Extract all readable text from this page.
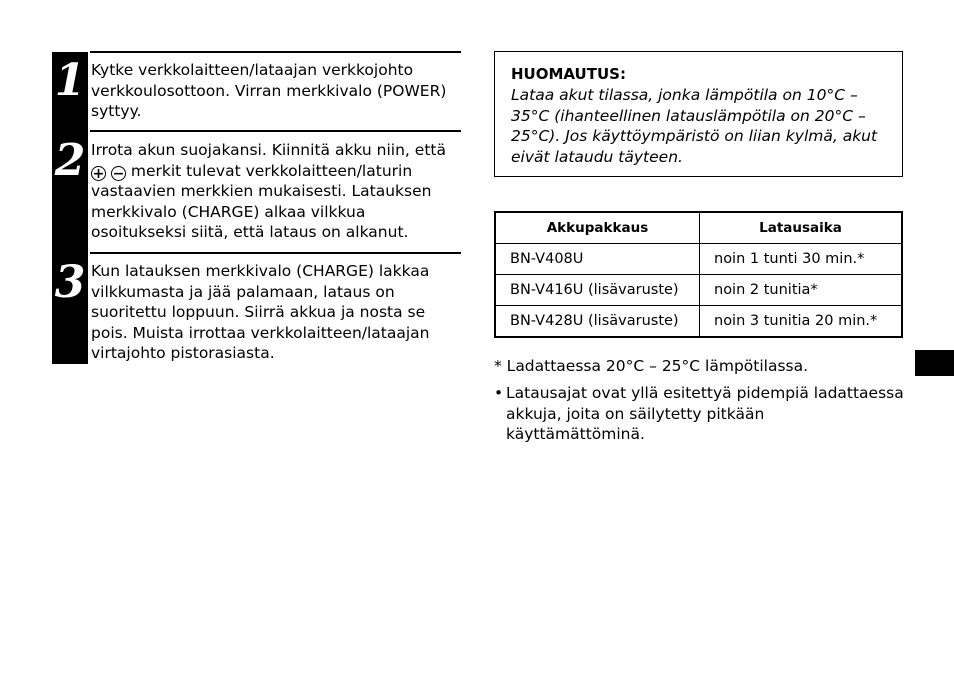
1
2
3
Kytke verkkolaitteen/lataajan verkkojohto verkkoulosottoon. Virran merkkivalo (POWER) syttyy.
Irrota akun suojakansi. Kiinnitä akku niin, että
+ − merkit tulevat verkkolaitteen/laturin vastaavien merkkien mukaisesti. Latauksen merkkivalo (CHARGE) alkaa vilkkua osoitukseksi siitä, että lataus on alkanut.
Kun latauksen merkkivalo (CHARGE) lakkaa vilkkumasta ja jää palamaan, lataus on suoritettu loppuun. Siirrä akkua ja nosta se pois. Muista irrottaa verkkolaitteen/lataajan virtajohto pistorasiasta.
HUOMAUTUS:
Lataa akut tilassa, jonka lämpötila on 10°C – 35°C (ihanteellinen latauslämpötila on 20°C – 25°C). Jos käyttöympäristö on liian kylmä, akut eivät lataudu täyteen.
Akkupakkaus	Latausaika
BN-V408U	noin 1 tunti 30 min.*
BN-V416U (lisävaruste)	noin 2 tunitia*
BN-V428U (lisävaruste)	noin 3 tunitia 20 min.*
* Ladattaessa 20°C – 25°C lämpötilassa.
• Latausajat ovat yllä esitettyä pidempiä ladattaessa akkuja, joita on säilytetty pitkään käyttämättöminä.
